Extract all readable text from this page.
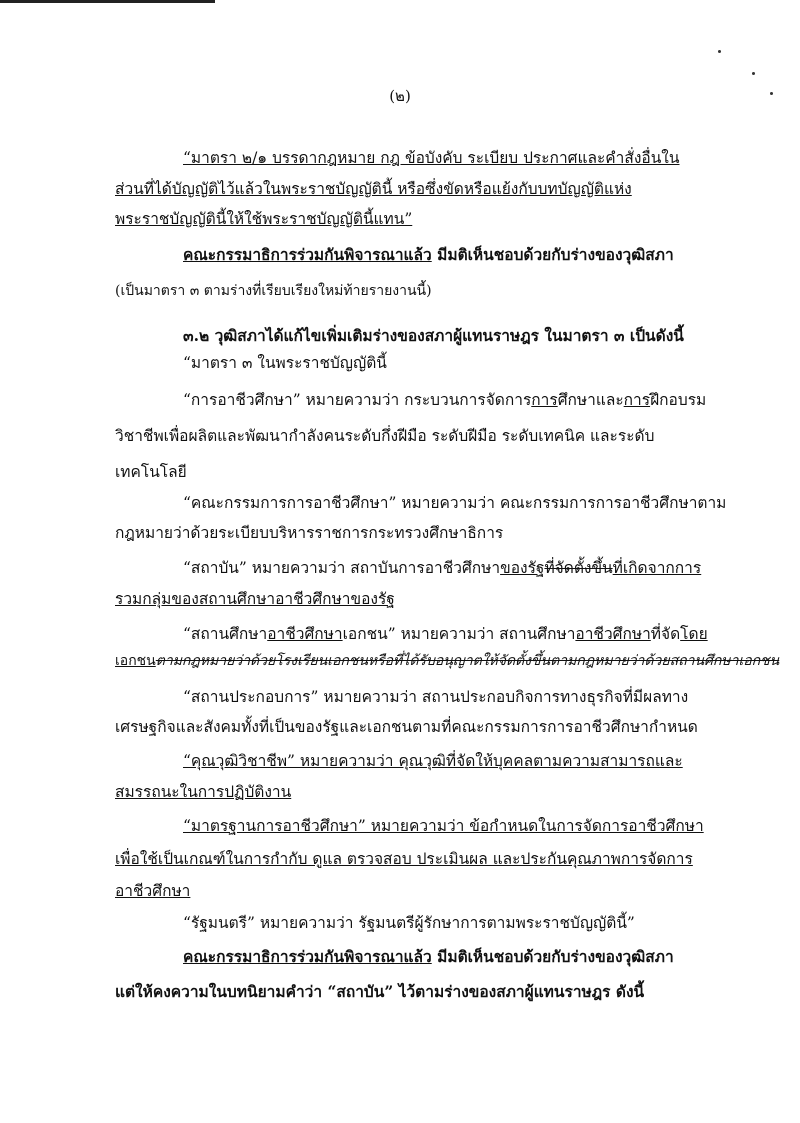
(๒)
“มาตรา ๒/๑ บรรดากฎหมาย กฎ ข้อบังคับ ระเบียบ ประกาศและคำสั่งอื่นใน
ส่วนที่ได้บัญญัติไว้แล้วในพระราชบัญญัตินี้ หรือซึ่งขัดหรือแย้งกับบทบัญญัติแห่ง
พระราชบัญญัตินี้ให้ใช้พระราชบัญญัตินี้แทน”
คณะกรรมาธิการร่วมกันพิจารณาแล้ว มีมติเห็นชอบด้วยกับร่างของวุฒิสภา
(เป็นมาตรา ๓ ตามร่างที่เรียบเรียงใหม่ท้ายรายงานนี้)
๓.๒ วุฒิสภาได้แก้ไขเพิ่มเติมร่างของสภาผู้แทนราษฎร ในมาตรา ๓ เป็นดังนี้
“มาตรา ๓ ในพระราชบัญญัตินี้
“การอาชีวศึกษา” หมายความว่า กระบวนการจัดการการศึกษาและการฝึกอบรม
วิชาชีพเพื่อผลิตและพัฒนากำลังคนระดับกึ่งฝีมือ ระดับฝีมือ ระดับเทคนิค และระดับ
เทคโนโลยี
“คณะกรรมการการอาชีวศึกษา” หมายความว่า คณะกรรมการการอาชีวศึกษาตาม
กฎหมายว่าด้วยระเบียบบริหารราชการกระทรวงศึกษาธิการ
“สถาบัน” หมายความว่า สถาบันการอาชีวศึกษาของรัฐที่จัดตั้งขึ้นที่เกิดจากการ
รวมกลุ่มของสถานศึกษาอาชีวศึกษาของรัฐ
“สถานศึกษาอาชีวศึกษาเอกชน” หมายความว่า สถานศึกษาอาชีวศึกษาที่จัดโดย
เอกชนตามกฎหมายว่าด้วยโรงเรียนเอกชนหรือที่ได้รับอนุญาตให้จัดตั้งขึ้นตามกฎหมายว่าด้วยสถานศึกษาเอกชน
“สถานประกอบการ” หมายความว่า สถานประกอบกิจการทางธุรกิจที่มีผลทาง
เศรษฐกิจและสังคมทั้งที่เป็นของรัฐและเอกชนตามที่คณะกรรมการการอาชีวศึกษากำหนด
“คุณวุฒิวิชาชีพ” หมายความว่า คุณวุฒิที่จัดให้บุคคลตามความสามารถและ
สมรรถนะในการปฏิบัติงาน
“มาตรฐานการอาชีวศึกษา” หมายความว่า ข้อกำหนดในการจัดการอาชีวศึกษา
เพื่อใช้เป็นเกณฑ์ในการกำกับ ดูแล ตรวจสอบ ประเมินผล และประกันคุณภาพการจัดการ
อาชีวศึกษา
“รัฐมนตรี” หมายความว่า รัฐมนตรีผู้รักษาการตามพระราชบัญญัตินี้”
คณะกรรมาธิการร่วมกันพิจารณาแล้ว มีมติเห็นชอบด้วยกับร่างของวุฒิสภา
แต่ให้คงความในบทนิยามคำว่า “สถาบัน” ไว้ตามร่างของสภาผู้แทนราษฎร ดังนี้
